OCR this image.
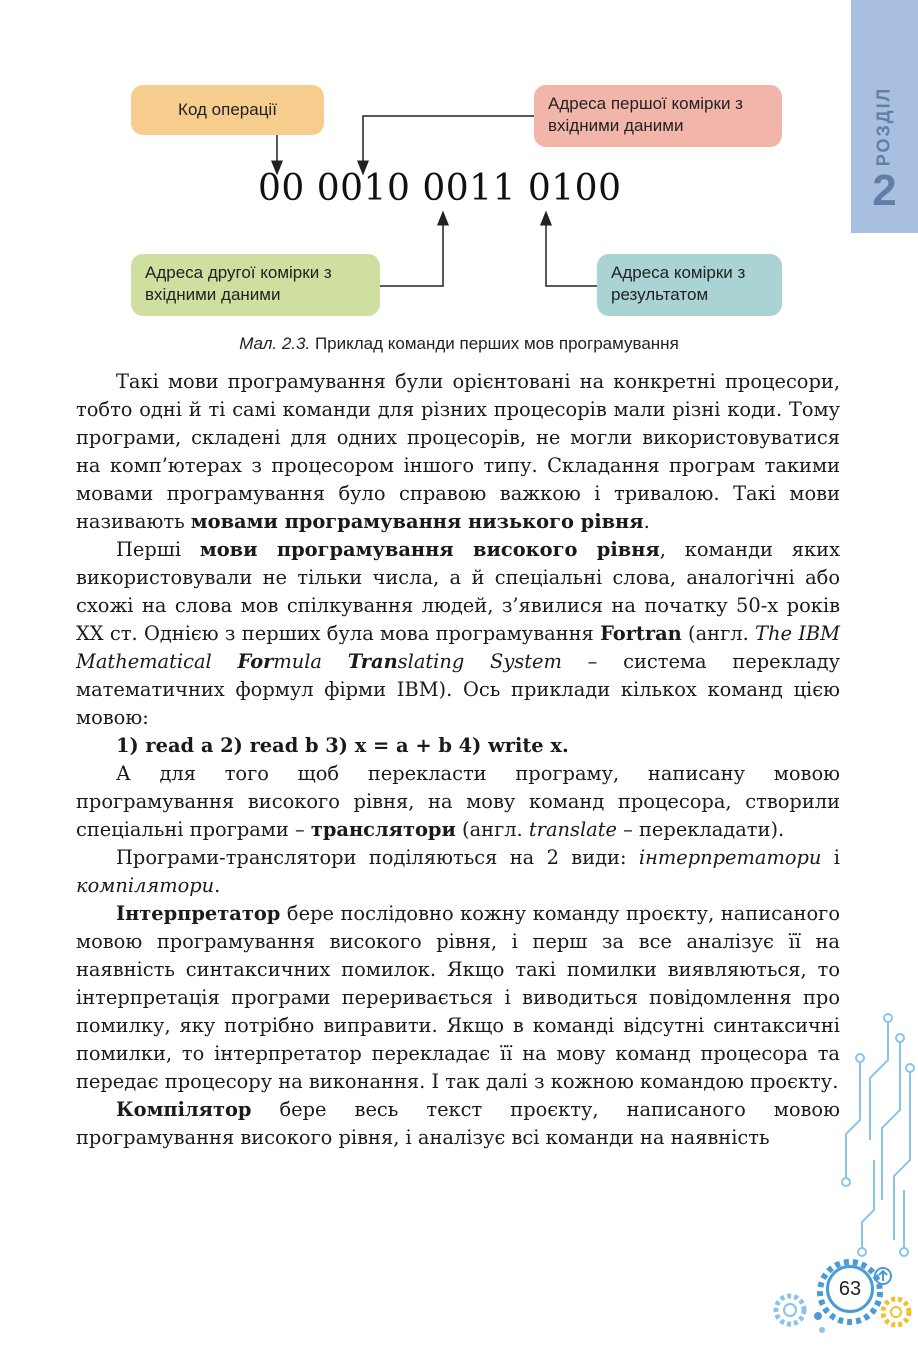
РОЗДІЛ
2
Код операції	Адреса першої комірки з вхідними даними
00 0010 0011 0100
Адреса другої комірки з вхідними даними
Адреса комірки з результатом
Мал. 2.3. Приклад команди перших мов програмування

Такі мови програмування були орієнтовані на конкретні процесори, тобто одні й ті самі команди для різних процесорів мали різні коди. Тому програми, складені для одних процесорів, не могли використовуватися на комп’ютерах з процесором іншого типу. Складання програм такими мовами програмування було справою важкою і тривалою. Такі мови називають мовами програмування низького рівня.

Перші мови програмування високого рівня, команди яких використовували не тільки числа, а й спеціальні слова, аналогічні або схожі на слова мов спілкування людей, з’явилися на початку 50-х років XX ст. Однією з перших була мова програмування Fortran (англ. The IBM Mathematical Formula Translating System – система перекладу математичних формул фірми IBM). Ось приклади кількох команд цією мовою:

1) read a 2) read b 3) x = a + b 4) write x.

А для того щоб перекласти програму, написану мовою програмування високого рівня, на мову команд процесора, створили спеціальні програми – транслятори (англ. translate – перекладати).

Програми-транслятори поділяються на 2 види: інтерпретатори і компілятори.

Інтерпретатор бере послідовно кожну команду проєкту, написаного мовою програмування високого рівня, і перш за все аналізує її на наявність синтаксичних помилок. Якщо такі помилки виявляються, то інтерпретація програми переривається і виводиться повідомлення про помилку, яку потрібно виправити. Якщо в команді відсутні синтаксичні помилки, то інтерпретатор перекладає її на мову команд процесора та передає процесору на виконання. І так далі з кожною командою проєкту.

Компілятор бере весь текст проєкту, написаного мовою програмування високого рівня, і аналізує всі команди на наявність

63
